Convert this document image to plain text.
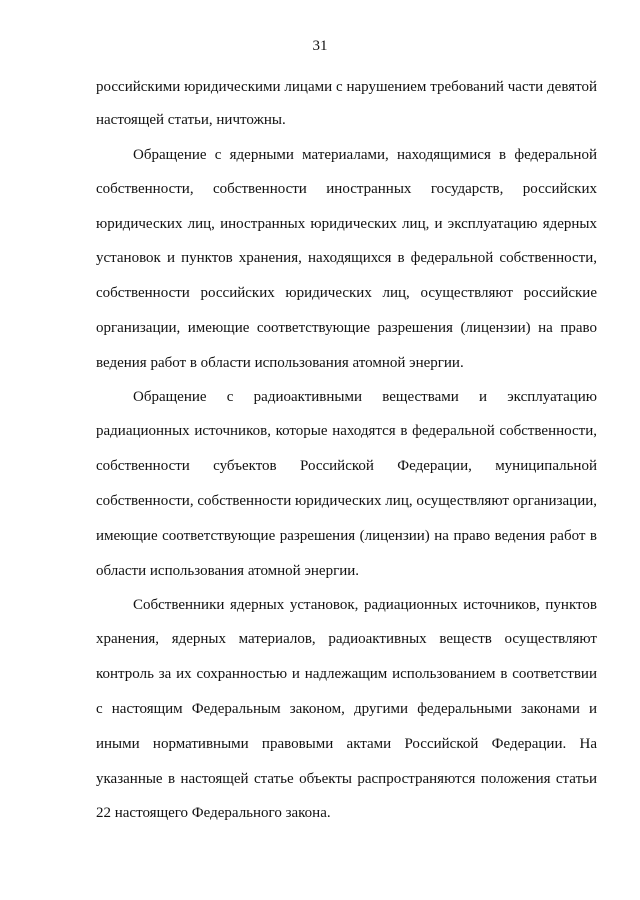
31
российскими юридическими лицами с нарушением требований части девятой
настоящей статьи, ничтожны.
Обращение с ядерными материалами, находящимися в федеральной
собственности, собственности иностранных государств, российских
юридических лиц, иностранных юридических лиц, и эксплуатацию ядерных
установок и пунктов хранения, находящихся в федеральной собственности,
собственности российских юридических лиц, осуществляют российские
организации, имеющие соответствующие разрешения (лицензии) на право
ведения работ в области использования атомной энергии.
Обращение с радиоактивными веществами и эксплуатацию
радиационных источников, которые находятся в федеральной собственности,
собственности субъектов Российской Федерации, муниципальной
собственности, собственности юридических лиц, осуществляют организации,
имеющие соответствующие разрешения (лицензии) на право ведения работ в
области использования атомной энергии.
Собственники ядерных установок, радиационных источников, пунктов
хранения, ядерных материалов, радиоактивных веществ осуществляют
контроль за их сохранностью и надлежащим использованием в соответствии
с настоящим Федеральным законом, другими федеральными законами и
иными нормативными правовыми актами Российской Федерации. На
указанные в настоящей статье объекты распространяются положения статьи
22 настоящего Федерального закона.
